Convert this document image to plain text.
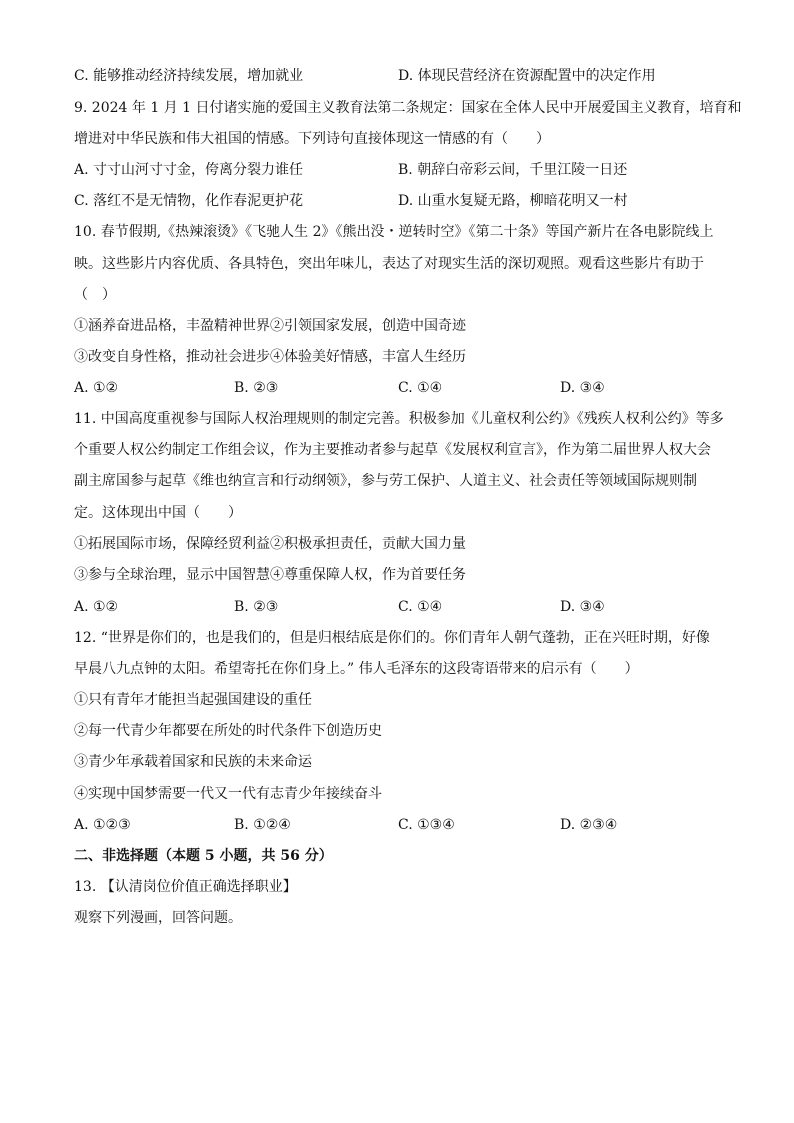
C. 能够推动经济持续发展，增加就业	D. 体现民营经济在资源配置中的决定作用
9. 2024 年 1 月 1 日付诸实施的爱国主义教育法第二条规定：国家在全体人民中开展爱国主义教育，培育和
增进对中华民族和伟大祖国的情感。下列诗句直接体现这一情感的有（　　）
A. 寸寸山河寸寸金，侉离分裂力谁任	B. 朝辞白帝彩云间，千里江陵一日还
C. 落红不是无情物，化作春泥更护花	D. 山重水复疑无路，柳暗花明又一村
10. 春节假期,《热辣滚烫》《飞驰人生 2》《熊出没・逆转时空》《第二十条》等国产新片在各电影院线上
映。这些影片内容优质、各具特色，突出年味儿，表达了对现实生活的深切观照。观看这些影片有助于
（　）
①涵养奋进品格，丰盈精神世界②引领国家发展，创造中国奇迹
③改变自身性格，推动社会进步④体验美好情感，丰富人生经历
A. ①②	B. ②③	C. ①④	D. ③④
11. 中国高度重视参与国际人权治理规则的制定完善。积极参加《儿童权利公约》《残疾人权利公约》等多
个重要人权公约制定工作组会议，作为主要推动者参与起草《发展权利宣言》，作为第二届世界人权大会
副主席国参与起草《维也纳宣言和行动纲领》，参与劳工保护、人道主义、社会责任等领域国际规则制
定。这体现出中国（　　）
①拓展国际市场，保障经贸利益②积极承担责任，贡献大国力量
③参与全球治理，显示中国智慧④尊重保障人权，作为首要任务
A. ①②	B. ②③	C. ①④	D. ③④
12. “世界是你们的，也是我们的，但是归根结底是你们的。你们青年人朝气蓬勃，正在兴旺时期，好像
早晨八九点钟的太阳。希望寄托在你们身上。” 伟人毛泽东的这段寄语带来的启示有（　　）
①只有青年才能担当起强国建设的重任
②每一代青少年都要在所处的时代条件下创造历史
③青少年承载着国家和民族的未来命运
④实现中国梦需要一代又一代有志青少年接续奋斗
A. ①②③	B. ①②④	C. ①③④	D. ②③④
二、非选择题（本题 5 小题，共 56 分）
13. 【认清岗位价值正确选择职业】
观察下列漫画，回答问题。
